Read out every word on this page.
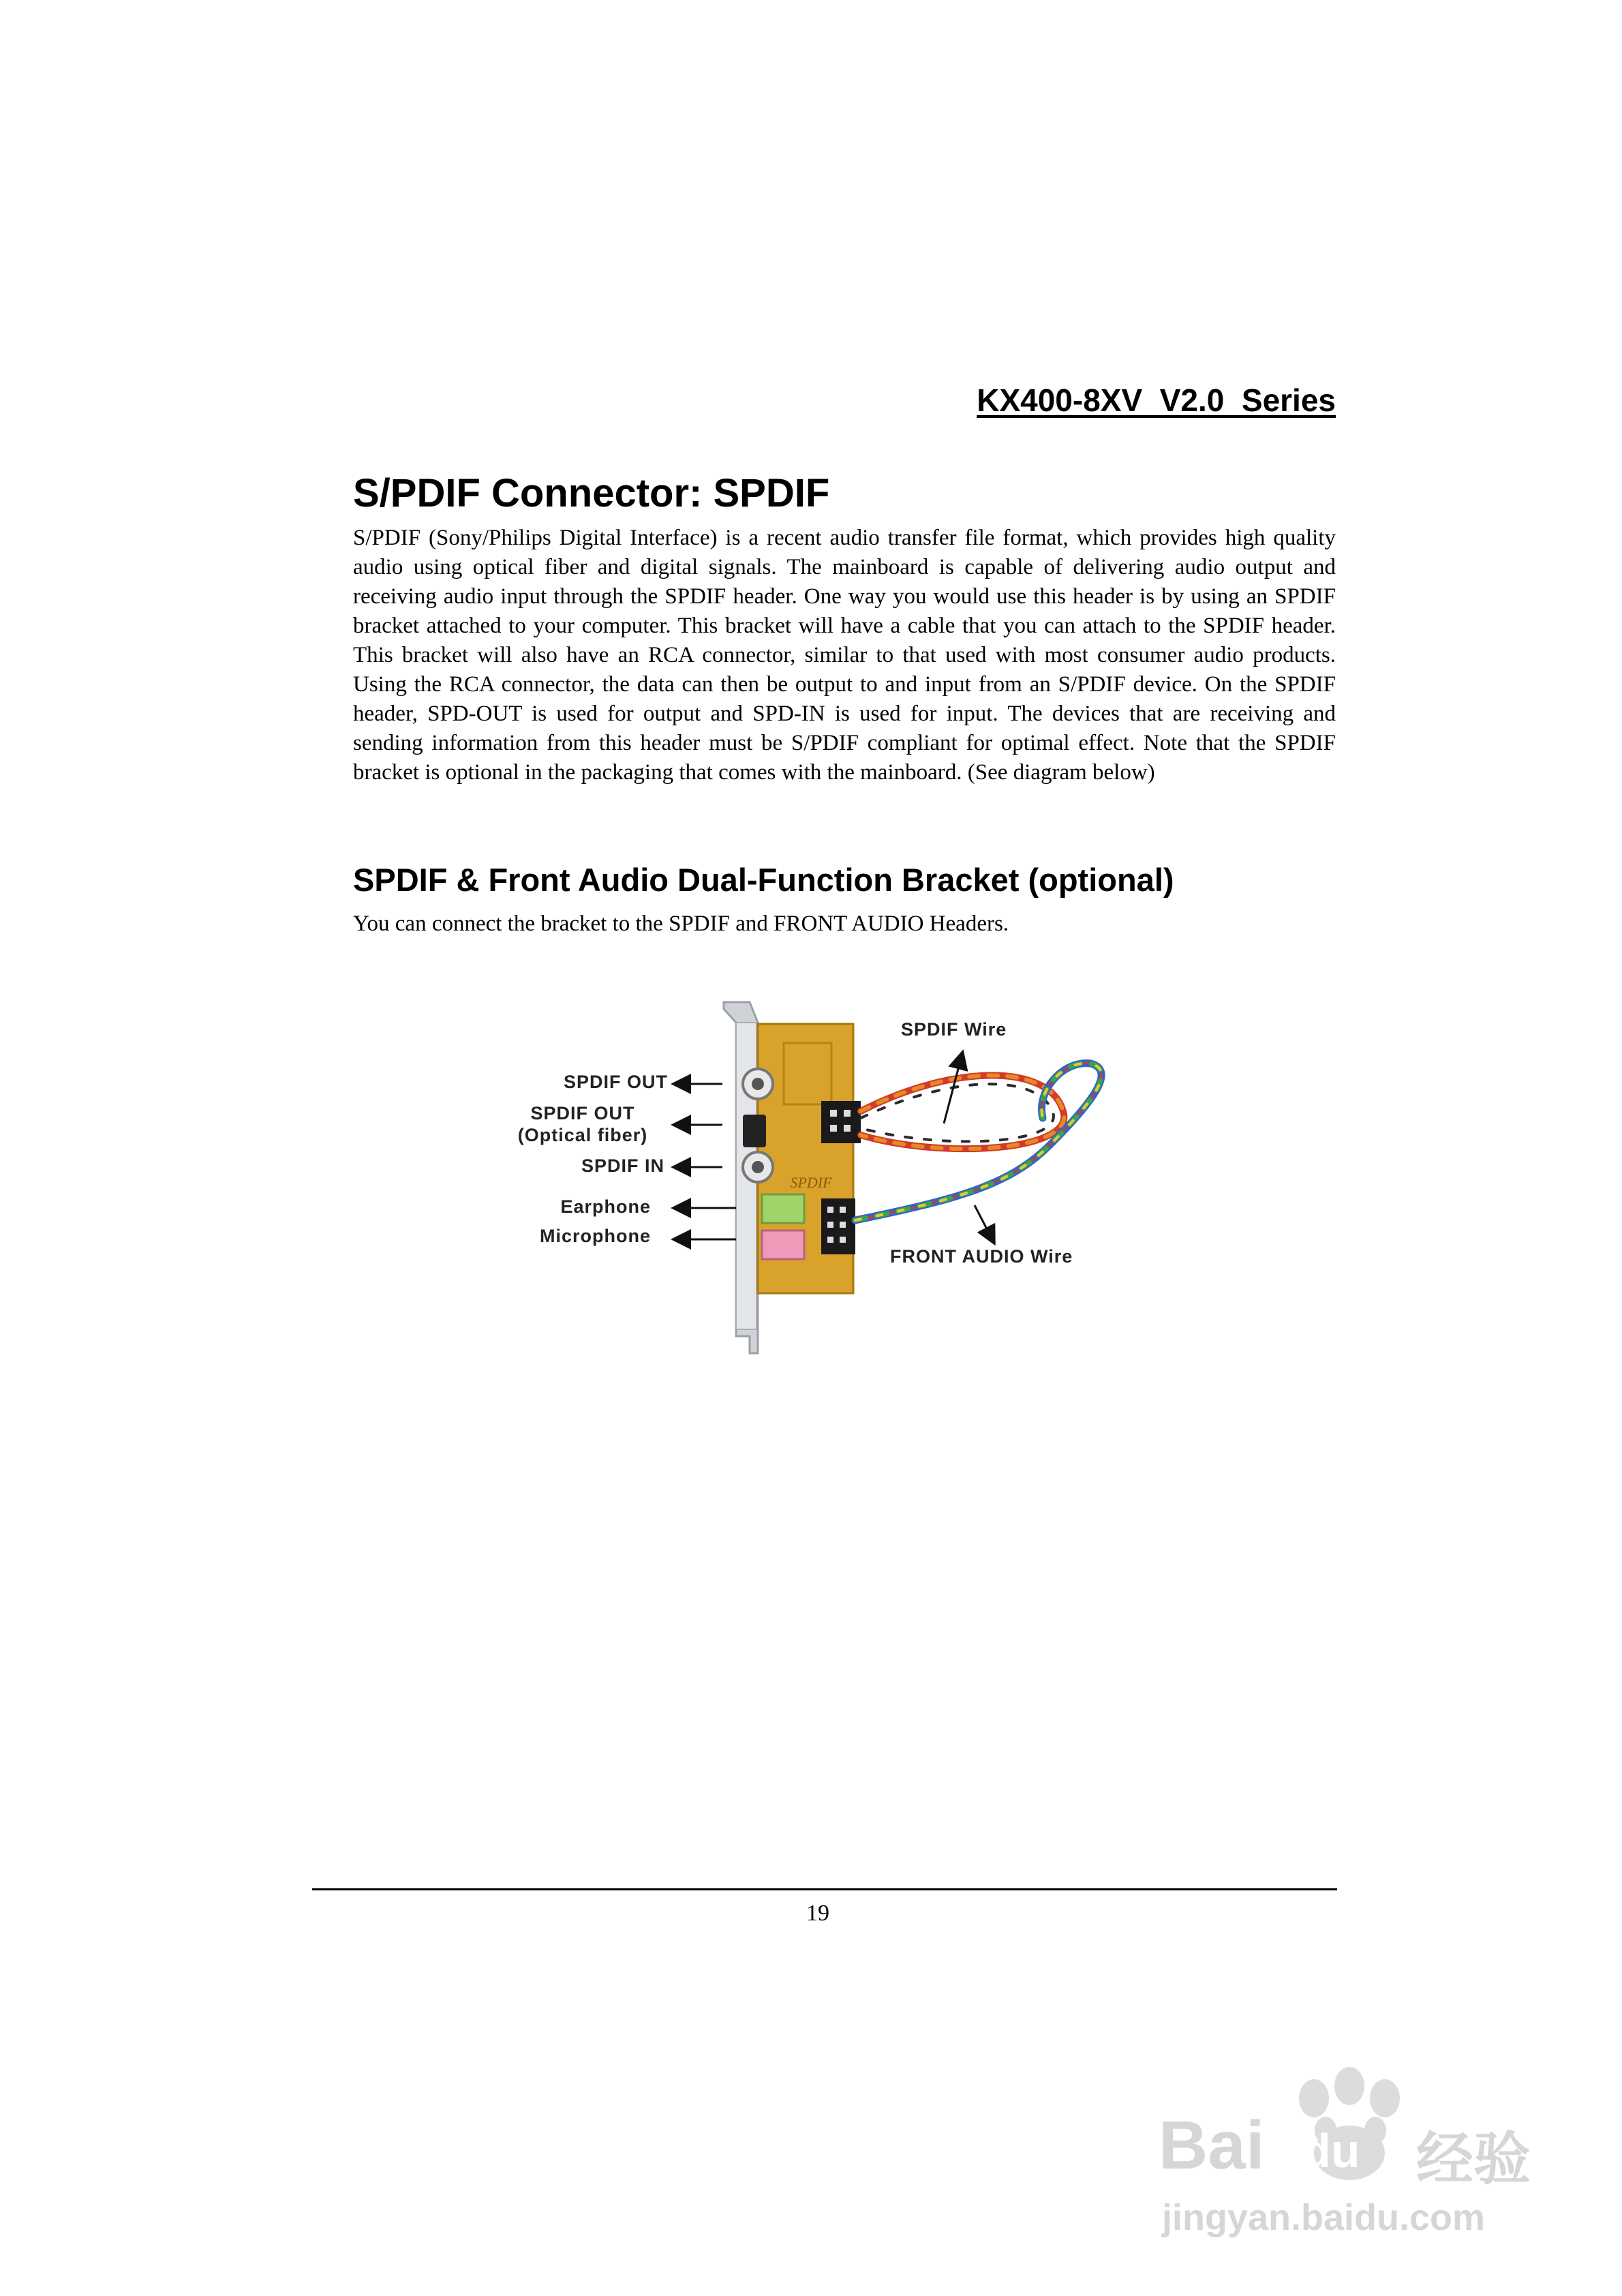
KX400-8XV  V2.0  Series
S/PDIF Connector: SPDIF
S/PDIF (Sony/Philips Digital Interface) is a recent audio transfer file format, which provides high quality audio using optical fiber and digital signals. The mainboard is capable of delivering audio output and receiving audio input through the SPDIF header. One way you would use this header is by using an SPDIF bracket attached to your computer. This bracket will have a cable that you can attach to the SPDIF header. This bracket will also have an RCA connector, similar to that used with most consumer audio products. Using the RCA connector, the data can then be output to and input from an S/PDIF device. On the SPDIF header, SPD-OUT is used for output and SPD-IN is used for input. The devices that are receiving and sending information from this header must be S/PDIF compliant for optimal effect. Note that the SPDIF bracket is optional in the packaging that comes with the mainboard. (See diagram below)
SPDIF & Front Audio Dual-Function Bracket (optional)
You can connect the bracket to the SPDIF and FRONT AUDIO Headers.
SPDIF
SPDIF OUT
SPDIF OUT
(Optical fiber)
SPDIF IN
Earphone
Microphone
SPDIF Wire
FRONT AUDIO Wire
19
Bai du 经验
jingyan.baidu.com
